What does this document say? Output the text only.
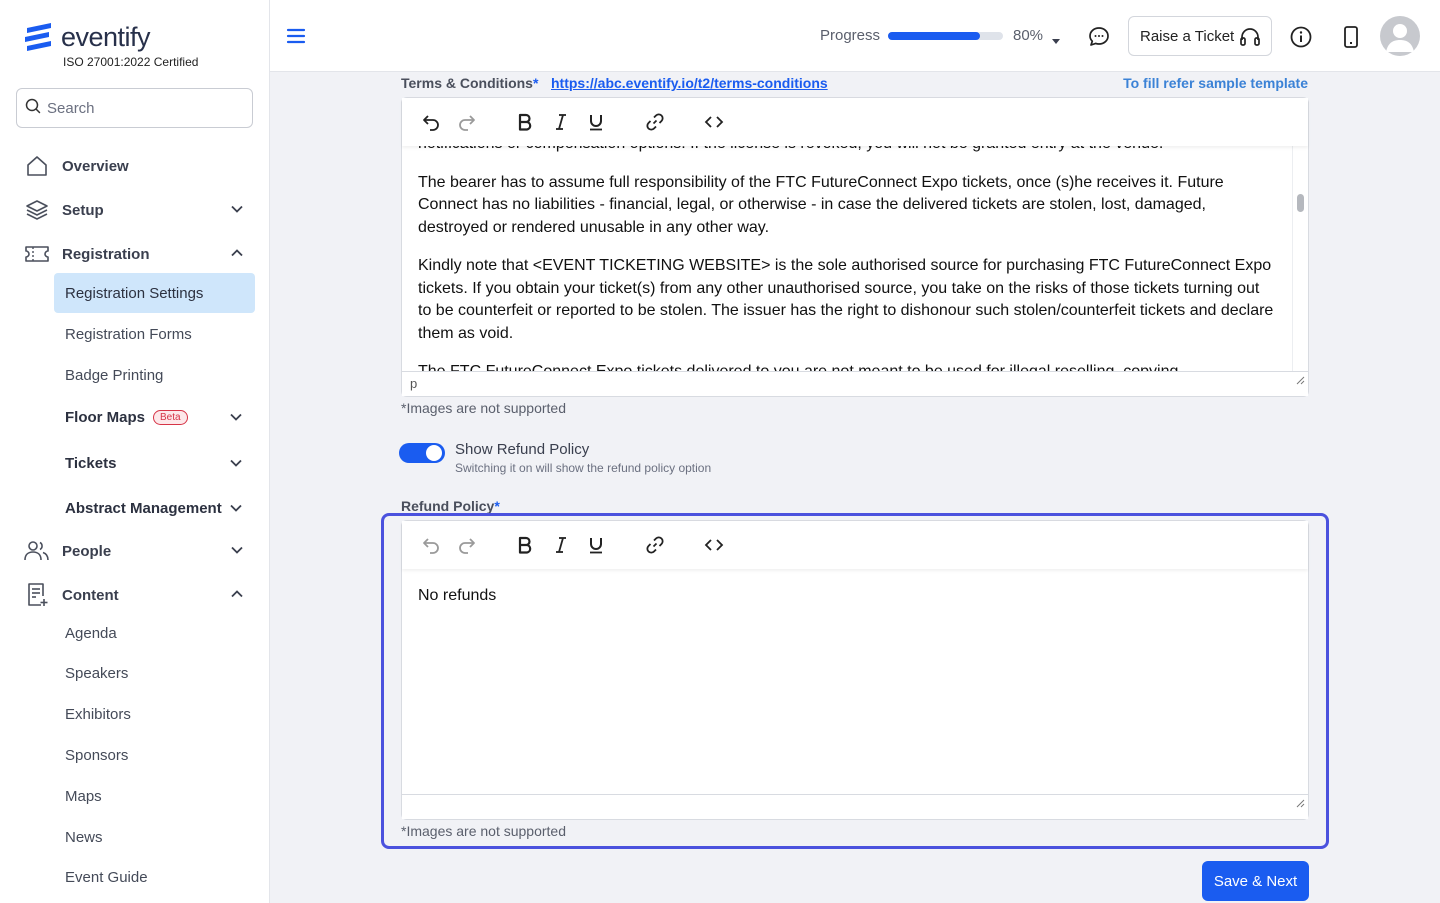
eventify
ISO 27001:2022 Certified
Search
Overview
Setup
Registration
Registration Settings
Registration Forms
Badge Printing
Floor Maps	Beta
Tickets
Abstract Management
People
Content
Agenda
Speakers
Exhibitors
Sponsors
Maps
News
Event Guide
Progress	80%	Raise a Ticket
Terms & Conditions* https://abc.eventify.io/t2/terms-conditions	To fill refer sample template

The bearer has to assume full responsibility of the FTC FutureConnect Expo tickets, once (s)he receives it. Future Connect has no liabilities - financial, legal, or otherwise - in case the delivered tickets are stolen, lost, damaged, destroyed or rendered unusable in any other way.

Kindly note that <EVENT TICKETING WEBSITE> is the sole authorised source for purchasing FTC FutureConnect Expo tickets. If you obtain your ticket(s) from any other unauthorised source, you take on the risks of those tickets turning out to be counterfeit or reported to be stolen. The issuer has the right to dishonour such stolen/counterfeit tickets and declare them as void.

p
*Images are not supported
Show Refund Policy
Switching it on will show the refund policy option
Refund Policy*

No refunds

*Images are not supported
Save & Next
